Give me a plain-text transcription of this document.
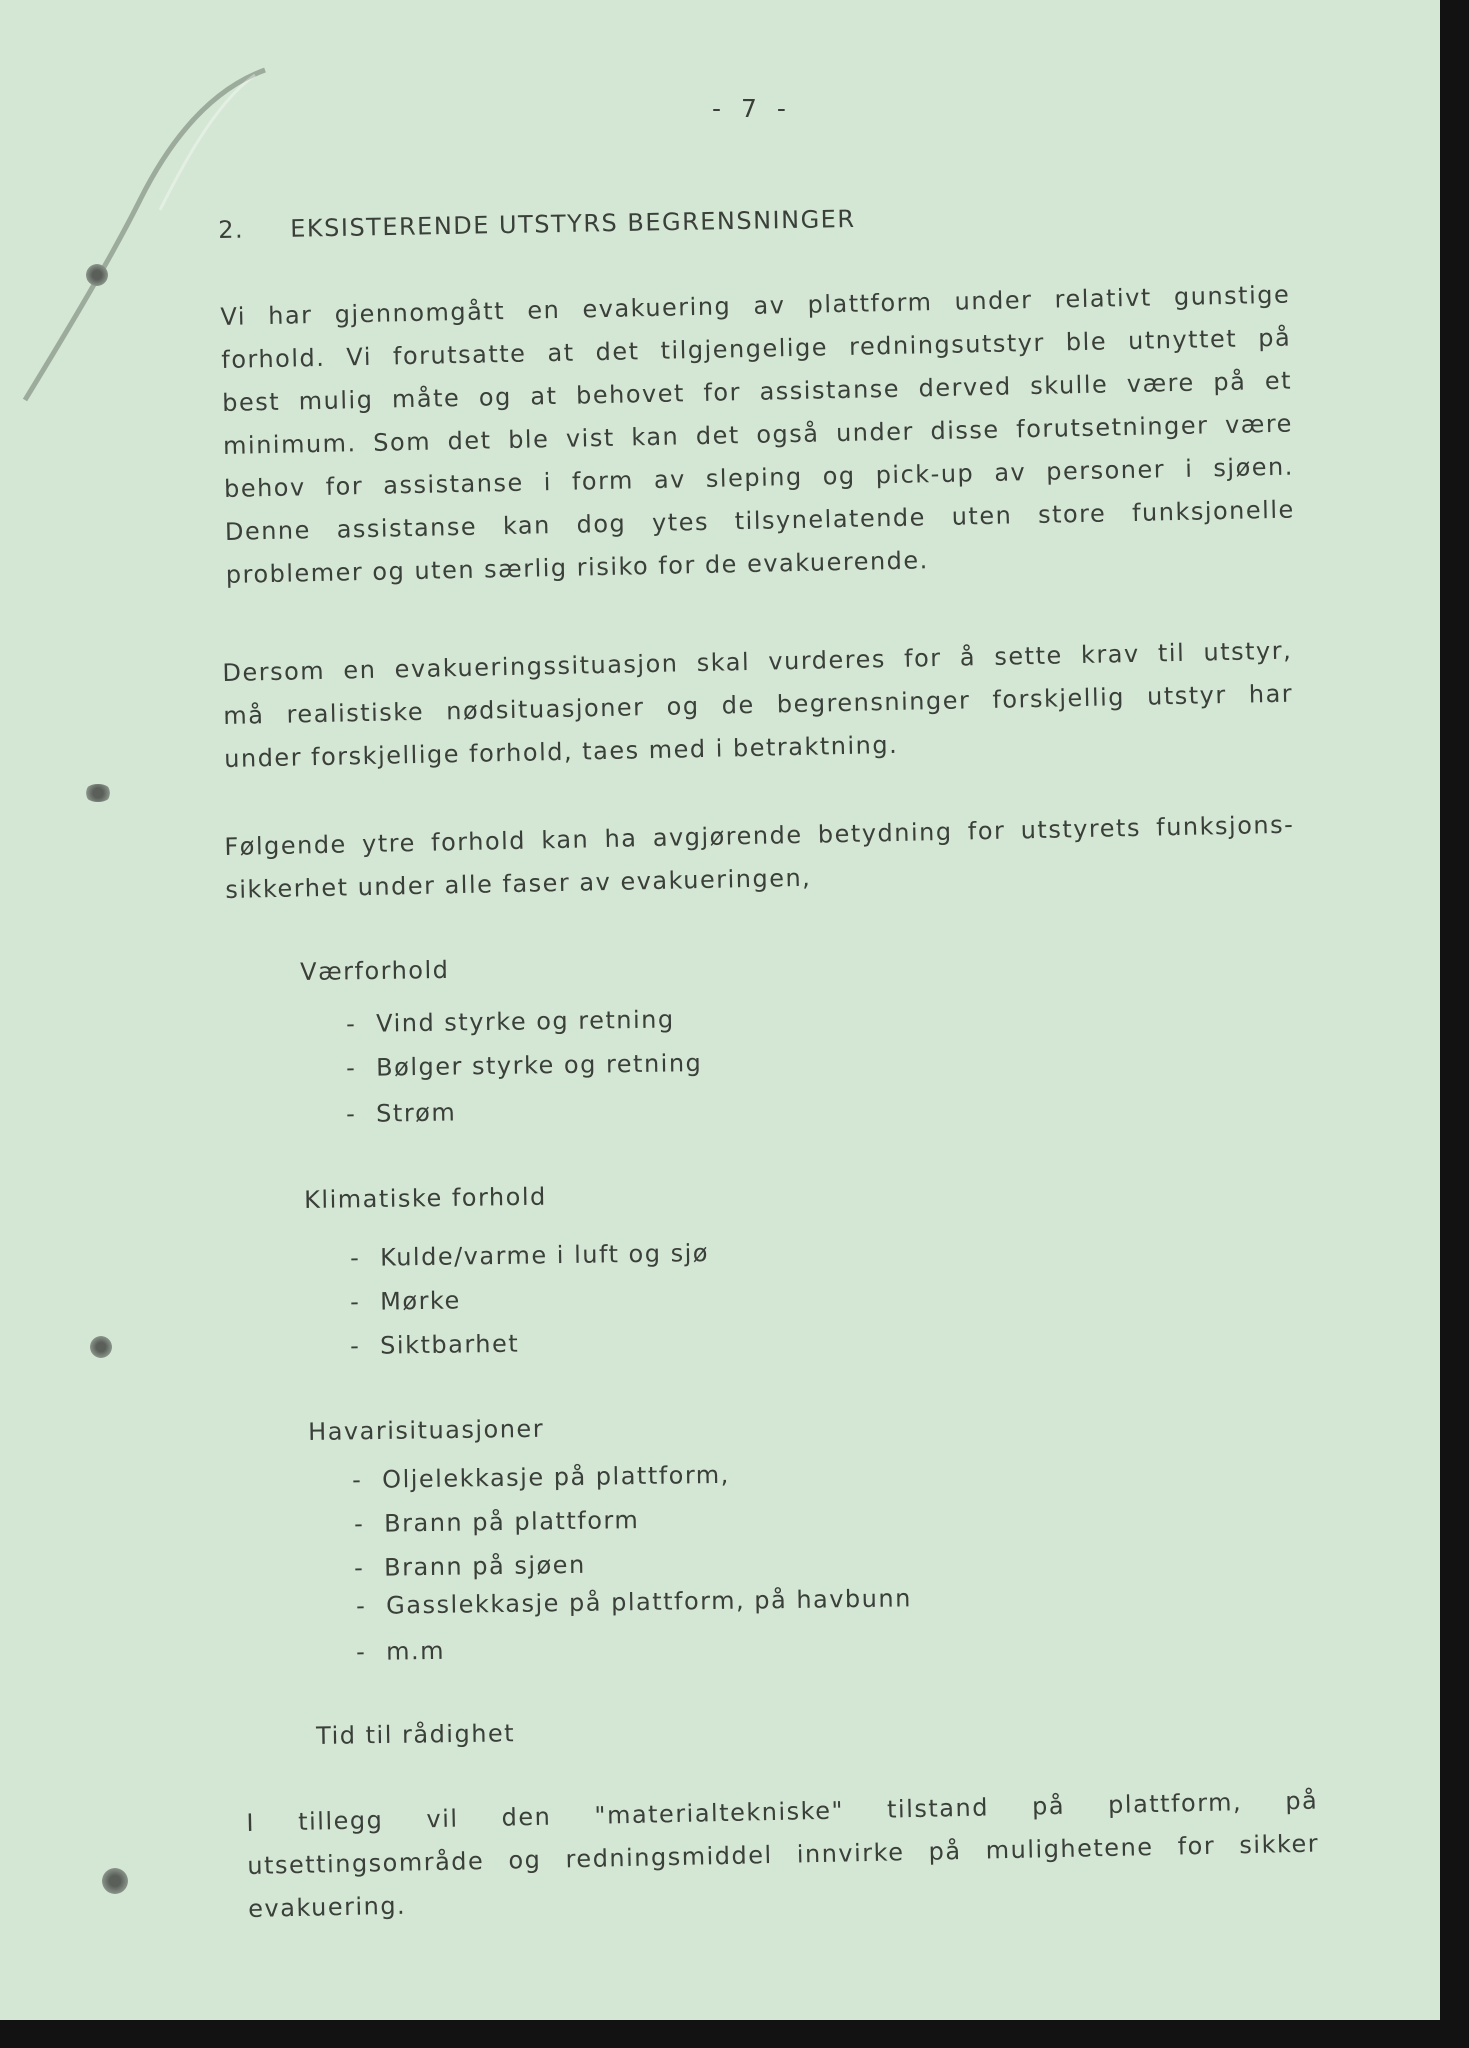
- 7 -
2. EKSISTERENDE UTSTYRS BEGRENSNINGER
Vi har gjennomgått en evakuering av plattform under relativt gunstige
forhold. Vi forutsatte at det tilgjengelige redningsutstyr ble utnyttet på
best mulig måte og at behovet for assistanse derved skulle være på et
minimum. Som det ble vist kan det også under disse forutsetninger være
behov for assistanse i form av sleping og pick-up av personer i sjøen.
Denne assistanse kan dog ytes tilsynelatende uten store funksjonelle
problemer og uten særlig risiko for de evakuerende.
Dersom en evakueringssituasjon skal vurderes for å sette krav til utstyr,
må realistiske nødsituasjoner og de begrensninger forskjellig utstyr har
under forskjellige forhold, taes med i betraktning.
Følgende ytre forhold kan ha avgjørende betydning for utstyrets funksjons-
sikkerhet under alle faser av evakueringen,
Værforhold
- Vind styrke og retning
- Bølger styrke og retning
- Strøm
Klimatiske forhold
- Kulde/varme i luft og sjø
- Mørke
- Siktbarhet
Havarisituasjoner
- Oljelekkasje på plattform,
- Brann på plattform
- Brann på sjøen
- Gasslekkasje på plattform, på havbunn
- m.m
Tid til rådighet
I tillegg vil den "materialtekniske" tilstand på plattform, på
utsettingsområde og redningsmiddel innvirke på mulighetene for sikker
evakuering.
